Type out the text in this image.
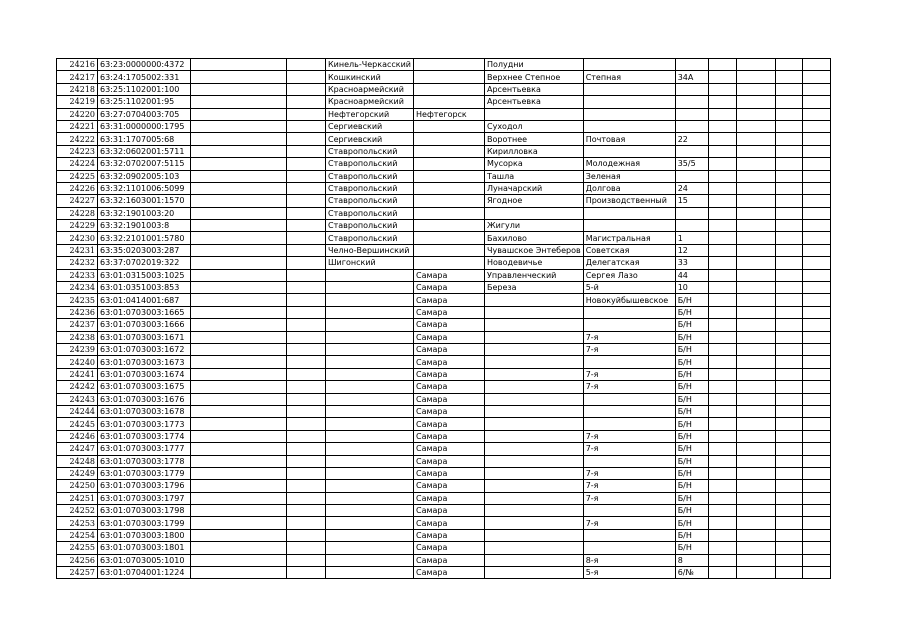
24216	63:23:0000000:4372			Кинель-Черкасский		Полудни						
24217	63:24:1705002:331			Кошкинский		Верхнее Степное	Степная	34А				
24218	63:25:1102001:100			Красноармейский		Арсентьевка						
24219	63:25:1102001:95			Красноармейский		Арсентьевка						
24220	63:27:0704003:705			Нефтегорский	Нефтегорск							
24221	63:31:0000000:1795			Сергиевский		Суходол						
24222	63:31:1707005:68			Сергиевский		Воротнее	Почтовая	22				
24223	63:32:0602001:5711			Ставропольский		Кирилловка						
24224	63:32:0702007:5115			Ставропольский		Мусорка	Молодежная	35/5				
24225	63:32:0902005:103			Ставропольский		Ташла	Зеленая					
24226	63:32:1101006:5099			Ставропольский		Луначарский	Долгова	24				
24227	63:32:1603001:1570			Ставропольский		Ягодное	Производственный	15				
24228	63:32:1901003:20			Ставропольский								
24229	63:32:1901003:8			Ставропольский		Жигули						
24230	63:32:2101001:5780			Ставропольский		Бахилово	Магистральная	1				
24231	63:35:0203003:287			Челно-Вершинский		Чувашское Энтеберов	Советская	12				
24232	63:37:0702019:322			Шигонский		Новодевичье	Делегатская	33				
24233	63:01:0315003:1025				Самара	Управленческий	Сергея Лазо	44				
24234	63:01:0351003:853				Самара	Береза	5-й	10				
24235	63:01:0414001:687				Самара		Новокуйбышевское	Б/Н				
24236	63:01:0703003:1665				Самара			Б/Н				
24237	63:01:0703003:1666				Самара			Б/Н				
24238	63:01:0703003:1671				Самара		7-я	Б/Н				
24239	63:01:0703003:1672				Самара		7-я	Б/Н				
24240	63:01:0703003:1673				Самара			Б/Н				
24241	63:01:0703003:1674				Самара		7-я	Б/Н				
24242	63:01:0703003:1675				Самара		7-я	Б/Н				
24243	63:01:0703003:1676				Самара			Б/Н				
24244	63:01:0703003:1678				Самара			Б/Н				
24245	63:01:0703003:1773				Самара			Б/Н				
24246	63:01:0703003:1774				Самара		7-я	Б/Н				
24247	63:01:0703003:1777				Самара		7-я	Б/Н				
24248	63:01:0703003:1778				Самара			Б/Н				
24249	63:01:0703003:1779				Самара		7-я	Б/Н				
24250	63:01:0703003:1796				Самара		7-я	Б/Н				
24251	63:01:0703003:1797				Самара		7-я	Б/Н				
24252	63:01:0703003:1798				Самара			Б/Н				
24253	63:01:0703003:1799				Самара		7-я	Б/Н				
24254	63:01:0703003:1800				Самара			Б/Н				
24255	63:01:0703003:1801				Самара			Б/Н				
24256	63:01:0703005:1010				Самара		8-я	8				
24257	63:01:0704001:1224				Самара		5-я	6/№				
